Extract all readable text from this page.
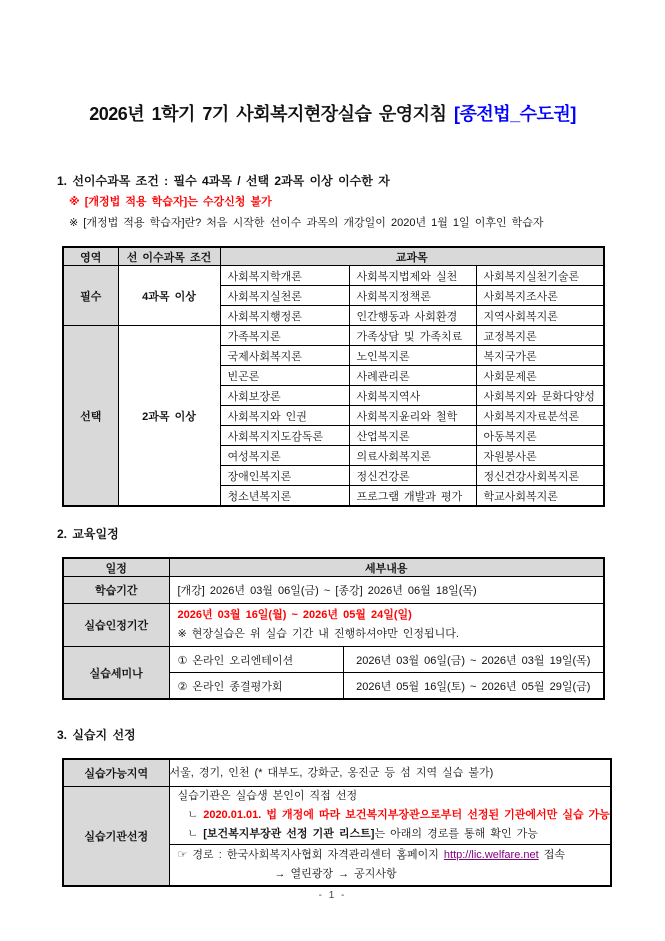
2026년 1학기 7기 사회복지현장실습 운영지침 [종전법_수도권]
1. 선이수과목 조건 : 필수 4과목 / 선택 2과목 이상 이수한 자
※ [개정법 적용 학습자]는 수강신청 불가
※ [개정법 적용 학습자]란? 처음 시작한 선이수 과목의 개강일이 2020년 1월 1일 이후인 학습자
영역	선 이수과목 조건	교과목		
필수	4과목 이상	사회복지학개론	사회복지법제와 실천	사회복지실천기술론
		사회복지실천론	사회복지정책론	사회복지조사론
		사회복지행정론	인간행동과 사회환경	지역사회복지론
선택	2과목 이상	가족복지론	가족상담 및 가족치료	교정복지론
		국제사회복지론	노인복지론	복지국가론
		빈곤론	사례관리론	사회문제론
		사회보장론	사회복지역사	사회복지와 문화다양성
		사회복지와 인권	사회복지윤리와 철학	사회복지자료분석론
		사회복지지도감독론	산업복지론	아동복지론
		여성복지론	의료사회복지론	자원봉사론
		장애인복지론	정신건강론	정신건강사회복지론
		청소년복지론	프로그램 개발과 평가	학교사회복지론
2. 교육일정
일정	세부내용	
학습기간	[개강] 2026년 03월 06일(금) ~ [종강] 2026년 06월 18일(목)	
실습인정기간	2026년 03월 16일(월) ~ 2026년 05월 24일(일)
※ 현장실습은 위 실습 기간 내 진행하셔야만 인정됩니다.	

실습세미나	① 온라인 오리엔테이션	2026년 03월 06일(금) ~ 2026년 03월 19일(목)
	② 온라인 종결평가회	2026년 05월 16일(토) ~ 2026년 05월 29일(금)
3. 실습지 선정
실습가능지역	서울, 경기, 인천 (* 대부도, 강화군, 옹진군 등 섬 지역 실습 불가)
실습기관선정	실습기관은 실습생 본인이 직접 선정
ㄴ 2020.01.01. 법 개정에 따라 보건복지부장관으로부터 선정된 기관에서만 실습 가능
ㄴ [보건복지부장관 선정 기관 리스트]는 아래의 경로를 통해 확인 가능

	☞ 경로 : 한국사회복지사협회 자격관리센터 홈페이지 http://lic.welfare.net 접속
→ 열린광장 → 공지사항
- 1 -
